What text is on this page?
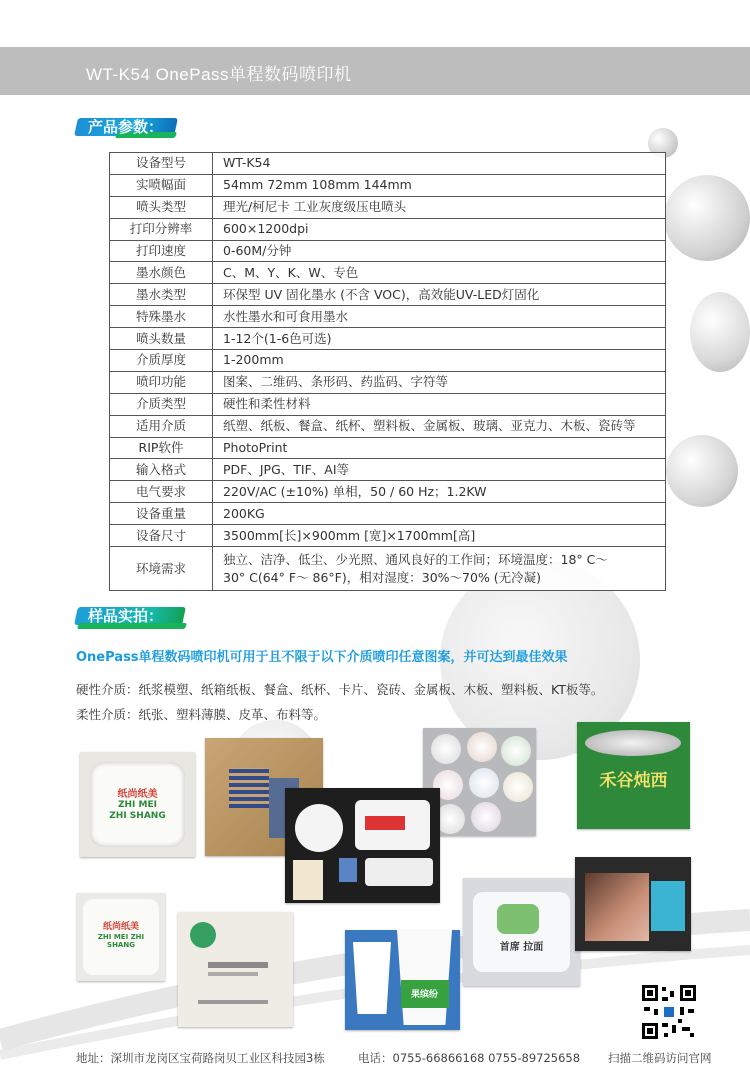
WT-K54 OnePass单程数码喷印机
产品参数：
设备型号	WT-K54
实喷幅面	54mm 72mm 108mm 144mm
喷头类型	理光/柯尼卡 工业灰度级压电喷头
打印分辨率	600×1200dpi
打印速度	0-60M/分钟
墨水颜色	C、M、Y、K、W、专色
墨水类型	环保型 UV 固化墨水 (不含 VOC)，高效能UV-LED灯固化
特殊墨水	水性墨水和可食用墨水
喷头数量	1-12个(1-6色可选)
介质厚度	1-200mm
喷印功能	图案、二维码、条形码、药监码、字符等
介质类型	硬性和柔性材料
适用介质	纸塑、纸板、餐盒、纸杯、塑料板、金属板、玻璃、亚克力、木板、瓷砖等
RIP软件	PhotoPrint
输入格式	PDF、JPG、TIF、AI等
电气要求	220V/AC (±10%) 单相，50 / 60 Hz；1.2KW
设备重量	200KG
设备尺寸	3500mm[长]×900mm [宽]×1700mm[高]
环境需求	独立、洁净、低尘、少光照、通风良好的工作间；环境温度：18° C～
30° C(64° F～ 86°F)，相对湿度：30%～70% (无冷凝)
样品实拍：
OnePass单程数码喷印机可用于且不限于以下介质喷印任意图案，并可达到最佳效果
硬性介质：纸浆模塑、纸箱纸板、餐盒、纸杯、卡片、瓷砖、金属板、木板、塑料板、KT板等。
柔性介质：纸张、塑料薄膜、皮革、布料等。
纸尚纸美
ZHI MEI
ZHI SHANG
禾谷炖西
纸尚纸美
ZHI MEI ZHI SHANG
果缤纷
首席 拉面
地址：深圳市龙岗区宝荷路岗贝工业区科技园3栋	电话：0755-66866168 0755-89725658 扫描二维码访问官网
